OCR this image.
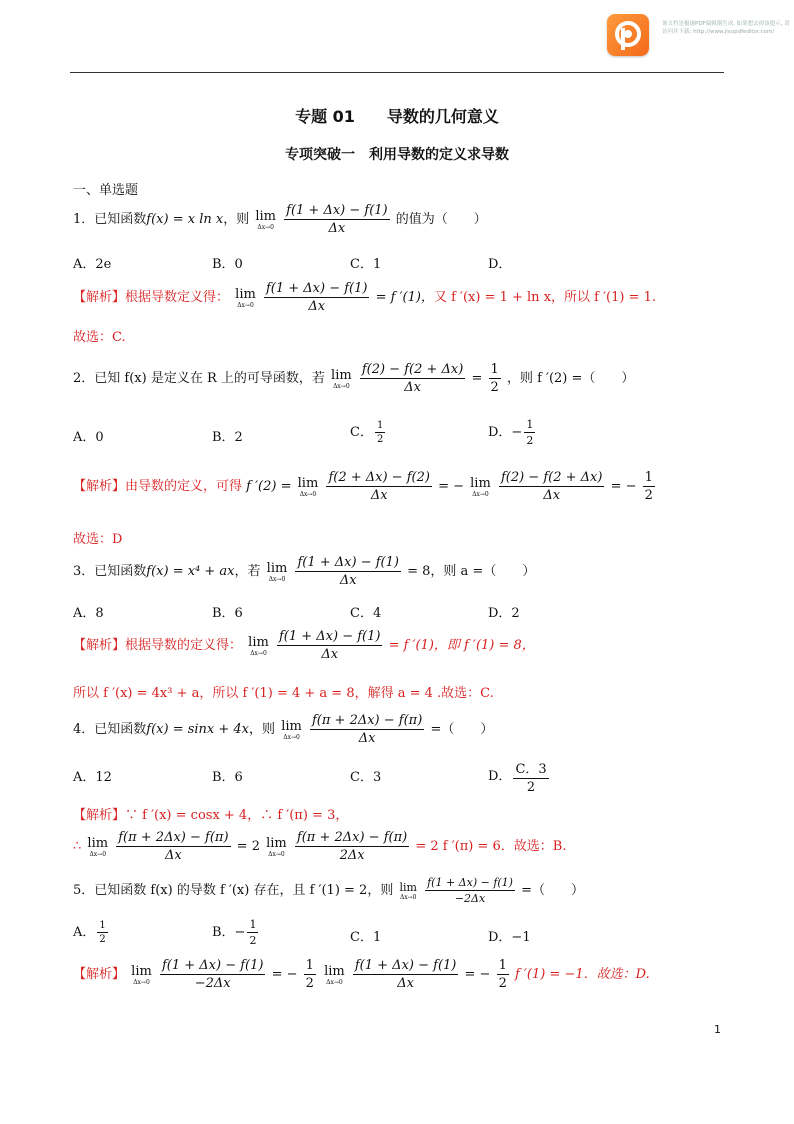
该文档是极速PDF编辑器生成, 如果想去掉该提示, 请访问并下载: http://www.jisupdfeditor.com/
专题 01　　导数的几何意义
专项突破一　利用导数的定义求导数
一、单选题
1．已知函数f(x) = x ln x，则 lim
Δx→0
$\frac{f(1 + \Delta x) - f(1)}{\Delta x}$ 的值为（　　）
A．2e	B．0	C．1	D．
【解析】根据导数定义得： lim
Δx→0
$\frac{f(1 + \Delta x) - f(1)}{\Delta x} = f$ ′(1)，又 f ′(x) = 1 + ln x，所以 f ′(1) = 1.
故选：C.
2．已知 f(x) 是定义在 R 上的可导函数，若 lim
Δx→0
$\frac{f(2) - f(2 + \Delta x)}{\Delta x} = \frac{1}{2}$ ，则 f ′(2) =（　　）
A．0	B．2	C． $\frac{1}{2}$	D．− $\frac{1}{2}$
【解析】由导数的定义，可得 f ′(2) = lim
Δx→0
$\frac{f(2 + \Delta x) - f(2)}{\Delta x}$ = − lim
Δx→0
$\frac{f(2) - f(2 + \Delta x)}{\Delta x}$ = − $\frac{1}{2}$
故选：D
3．已知函数f(x) = x⁴ + ax，若 lim
Δx→0
$\frac{f(1 + \Delta x) - f(1)}{\Delta x} = 8$，则 a =（　　）
A．8	B．6	C．4	D．2
【解析】根据导数的定义得： lim
Δx→0
$\frac{f(1 + \Delta x) - f(1)}{\Delta x} = f$ ′(1)，即 f ′(1) = 8，
所以 f ′(x) = 4x³ + a，所以 f ′(1) = 4 + a = 8，解得 a = 4 .故选：C.
4．已知函数f(x) = sinx + 4x，则 lim
Δx→0
$\frac{f(\pi + 2\Delta x) - f(\pi)}{\Delta x}$ =（　　）
A．12	B．6	C．3	D． $\frac{C.3}{2}$
【解析】∵ f ′(x) = cosx + 4，∴ f ′(π) = 3，
∴ lim
Δx→0
$\frac{f(\pi + 2\Delta x) - f(\pi)}{\Delta x} = 2$ lim
Δx→0
$\frac{f(\pi + 2\Delta x) - f(\pi)}{2\Delta x} = 2$ f ′(π) = 6．故选：B.
5．已知函数 f(x) 的导数 f ′(x) 存在，且 f ′(1) = 2，则 lim
Δx→0
$\frac{f(1 + \Delta x) - f(1)}{-2\Delta x}$ =（　　）
A． $\frac{1}{2}$	B．− $\frac{1}{2}$	C．1	D．−1
【解析】 lim
Δx→0
$\frac{f(1 + \Delta x) - f(1)}{-2\Delta x}$ = − $\frac{1}{2}$
lim
Δx→0
$\frac{f(1 + \Delta x) - f(1)}{\Delta x}$ = − $\frac{1}{2}$ f ′(1) = −1．故选：D.
1
